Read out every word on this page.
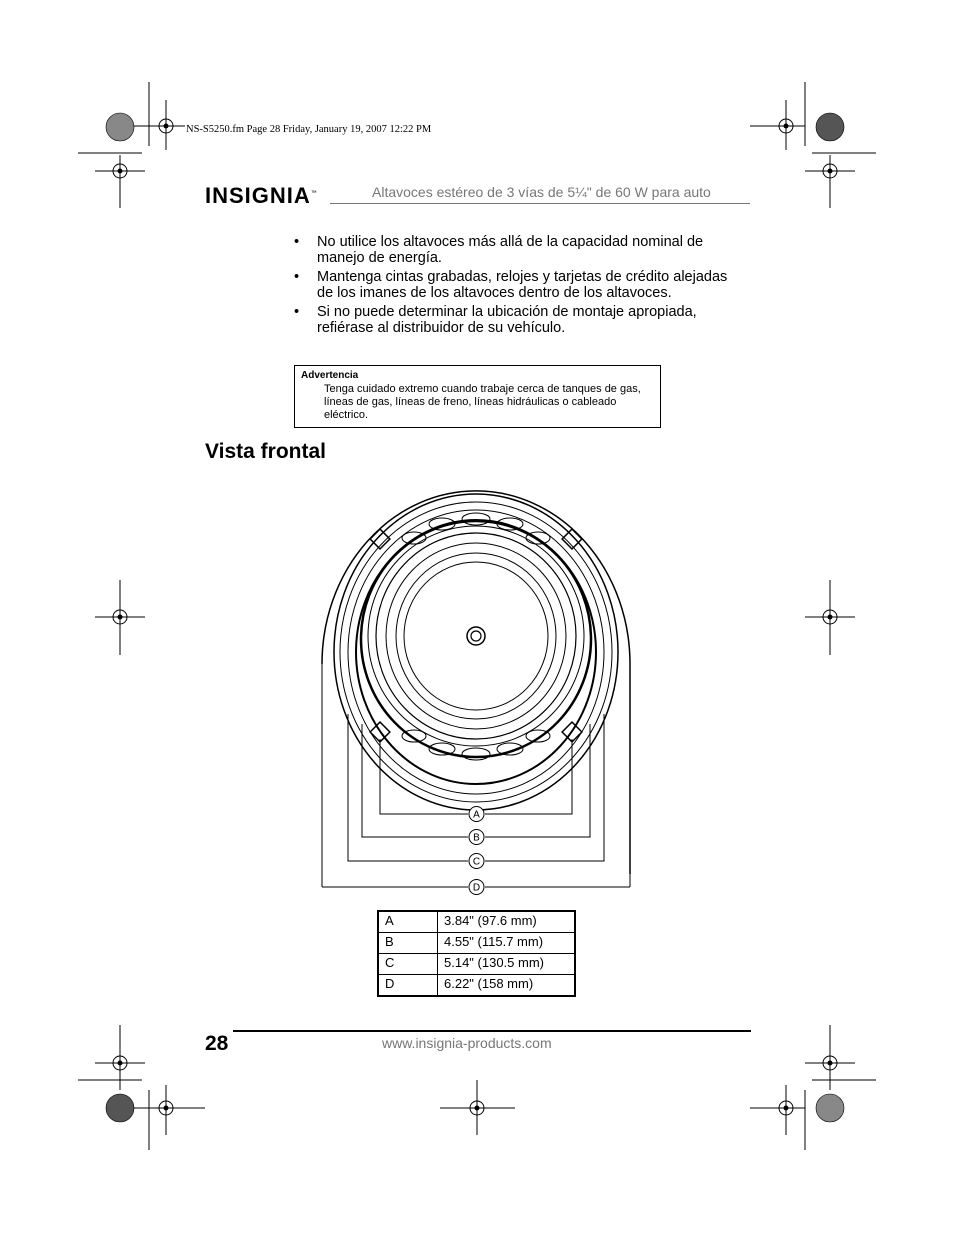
NS-S5250.fm Page 28 Friday, January 19, 2007 12:22 PM
INSIGNIA™	Altavoces estéreo de 3 vías de 5¼" de 60 W para auto
• No utilice los altavoces más allá de la capacidad nominal de manejo de energía.
• Mantenga cintas grabadas, relojes y tarjetas de crédito alejadas de los imanes de los altavoces dentro de los altavoces.
• Si no puede determinar la ubicación de montaje apropiada, refiérase al distribuidor de su vehículo.
Advertencia
Tenga cuidado extremo cuando trabaje cerca de tanques de gas, líneas de gas, líneas de freno, líneas hidráulicas o cableado eléctrico.
Vista frontal
A
B
C
D
A	3.84" (97.6 mm)
B	4.55" (115.7 mm)
C	5.14" (130.5 mm)
D	6.22" (158 mm)
28	www.insignia-products.com
